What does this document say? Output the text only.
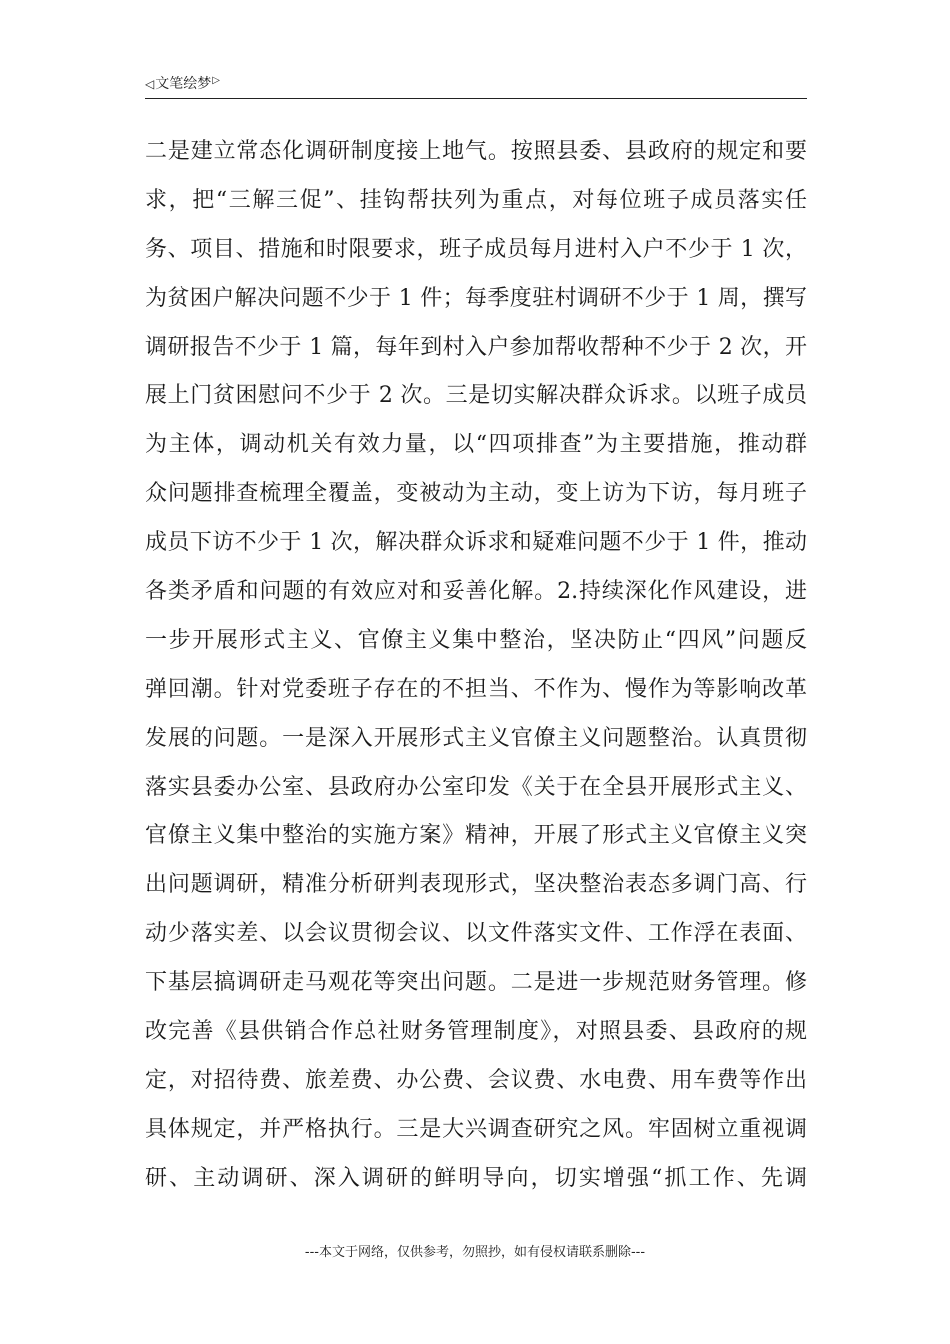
◁ 文笔绘梦 ▷
二是建立常态化调研制度接上地气。按照县委、县政府的规定和要
求，把“三解三促”、挂钩帮扶列为重点，对每位班子成员落实任
务、项目、措施和时限要求，班子成员每月进村入户不少于 1 次，
为贫困户解决问题不少于 1 件；每季度驻村调研不少于 1 周，撰写
调研报告不少于 1 篇，每年到村入户参加帮收帮种不少于 2 次，开
展上门贫困慰问不少于 2 次。三是切实解决群众诉求。以班子成员
为主体，调动机关有效力量，以“四项排查”为主要措施，推动群
众问题排查梳理全覆盖，变被动为主动，变上访为下访，每月班子
成员下访不少于 1 次，解决群众诉求和疑难问题不少于 1 件，推动
各类矛盾和问题的有效应对和妥善化解。2.持续深化作风建设，进
一步开展形式主义、官僚主义集中整治，坚决防止“四风”问题反
弹回潮。针对党委班子存在的不担当、不作为、慢作为等影响改革
发展的问题。一是深入开展形式主义官僚主义问题整治。认真贯彻
落实县委办公室、县政府办公室印发《关于在全县开展形式主义、
官僚主义集中整治的实施方案》精神，开展了形式主义官僚主义突
出问题调研，精准分析研判表现形式，坚决整治表态多调门高、行
动少落实差、以会议贯彻会议、以文件落实文件、工作浮在表面、
下基层搞调研走马观花等突出问题。二是进一步规范财务管理。修
改完善《县供销合作总社财务管理制度》，对照县委、县政府的规
定，对招待费、旅差费、办公费、会议费、水电费、用车费等作出
具体规定，并严格执行。三是大兴调查研究之风。牢固树立重视调
研、主动调研、深入调研的鲜明导向，切实增强“抓工作、先调
---本文于网络，仅供参考，勿照抄，如有侵权请联系删除---
